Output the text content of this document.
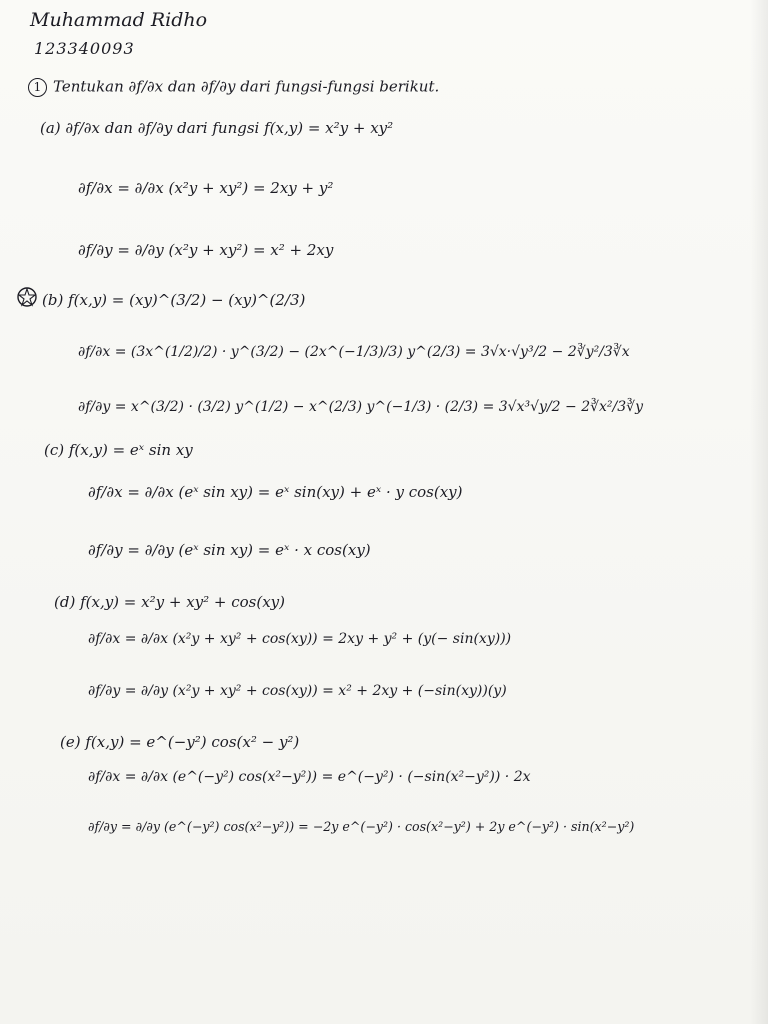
Muhammad Ridho
123340093
1 Tentukan ∂f/∂x dan ∂f/∂y dari fungsi-fungsi berikut.
(a) ∂f/∂x dan ∂f/∂y dari fungsi f(x,y) = x²y + xy²
∂f/∂x = ∂/∂x (x²y + xy²) = 2xy + y²
∂f/∂y = ∂/∂y (x²y + xy²) = x² + 2xy
(b) f(x,y) = (xy)^(3/2) − (xy)^(2/3)
∂f/∂x = (3x^(1/2)/2) · y^(3/2) − (2x^(−1/3)/3) y^(2/3) = 3√x·√y³/2 − 2∛y²/3∛x
∂f/∂y = x^(3/2) · (3/2) y^(1/2) − x^(2/3) y^(−1/3) · (2/3) = 3√x³√y/2 − 2∛x²/3∛y
(c) f(x,y) = eˣ sin xy
∂f/∂x = ∂/∂x (eˣ sin xy) = eˣ sin(xy) + eˣ · y cos(xy)
∂f/∂y = ∂/∂y (eˣ sin xy) = eˣ · x cos(xy)
(d) f(x,y) = x²y + xy² + cos(xy)
∂f/∂x = ∂/∂x (x²y + xy² + cos(xy)) = 2xy + y² + (y(− sin(xy)))
∂f/∂y = ∂/∂y (x²y + xy² + cos(xy)) = x² + 2xy + (−sin(xy))(y)
(e) f(x,y) = e^(−y²) cos(x² − y²)
∂f/∂x = ∂/∂x (e^(−y²) cos(x²−y²)) = e^(−y²) · (−sin(x²−y²)) · 2x
∂f/∂y = ∂/∂y (e^(−y²) cos(x²−y²)) = −2y e^(−y²) · cos(x²−y²) + 2y e^(−y²) · sin(x²−y²)
